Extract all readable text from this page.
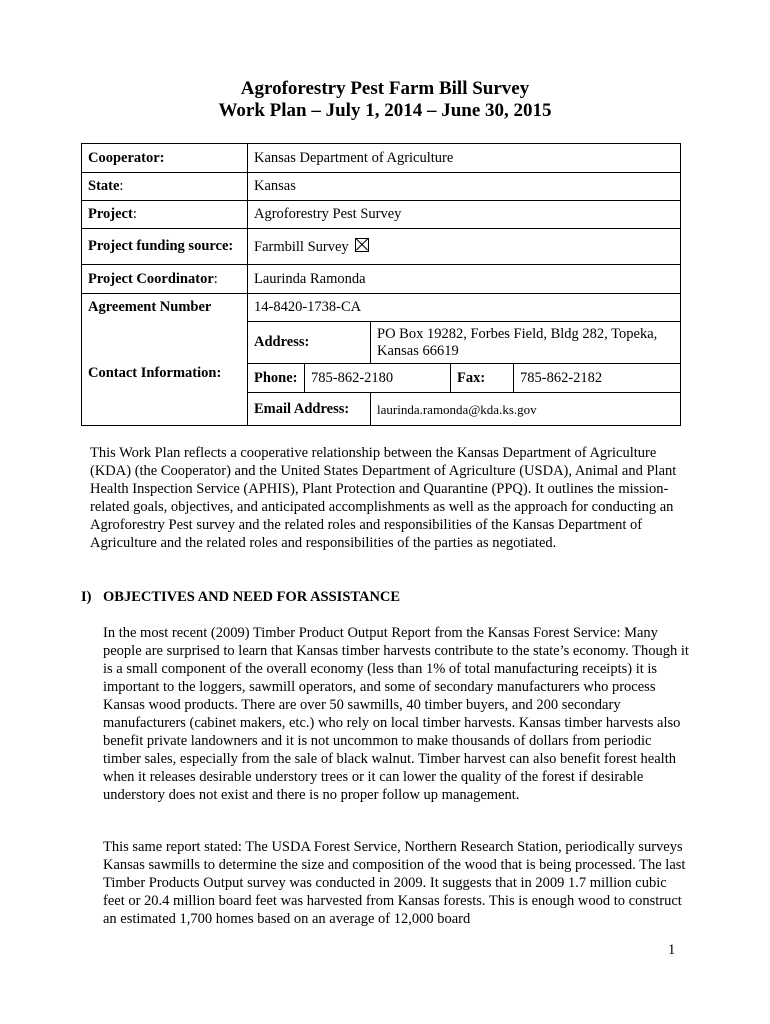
Agroforestry Pest Farm Bill Survey
Work Plan – July 1, 2014 – June 30, 2015
Cooperator:	Kansas Department of Agriculture				
State:	Kansas				
Project:	Agroforestry Pest Survey				
Project funding source:	Farmbill Survey				
Project Coordinator:	Laurinda Ramonda				
Agreement Number	14-8420-1738-CA				
Contact Information:	Address:		PO Box 19282, Forbes Field, Bldg 282, Topeka, Kansas 66619		
	Phone:	785-862-2180		Fax:	785-862-2182
	Email Address:		laurinda.ramonda@kda.ks.gov		

This Work Plan reflects a cooperative relationship between the Kansas Department of Agriculture (KDA) (the Cooperator) and the United States Department of Agriculture (USDA), Animal and Plant Health Inspection Service (APHIS), Plant Protection and Quarantine (PPQ). It outlines the mission-related goals, objectives, and anticipated accomplishments as well as the approach for conducting an Agroforestry Pest survey and the related roles and responsibilities of the Kansas Department of Agriculture and the related roles and responsibilities of the parties as negotiated.

I) OBJECTIVES AND NEED FOR ASSISTANCE

In the most recent (2009) Timber Product Output Report from the Kansas Forest Service: Many people are surprised to learn that Kansas timber harvests contribute to the state’s economy. Though it is a small component of the overall economy (less than 1% of total manufacturing receipts) it is important to the loggers, sawmill operators, and some of secondary manufacturers who process Kansas wood products. There are over 50 sawmills, 40 timber buyers, and 200 secondary manufacturers (cabinet makers, etc.) who rely on local timber harvests. Kansas timber harvests also benefit private landowners and it is not uncommon to make thousands of dollars from periodic timber sales, especially from the sale of black walnut. Timber harvest can also benefit forest health when it releases desirable understory trees or it can lower the quality of the forest if desirable understory does not exist and there is no proper follow up management.

This same report stated: The USDA Forest Service, Northern Research Station, periodically surveys Kansas sawmills to determine the size and composition of the wood that is being processed. The last Timber Products Output survey was conducted in 2009. It suggests that in 2009 1.7 million cubic feet or 20.4 million board feet was harvested from Kansas forests. This is enough wood to construct an estimated 1,700 homes based on an average of 12,000 board

1
